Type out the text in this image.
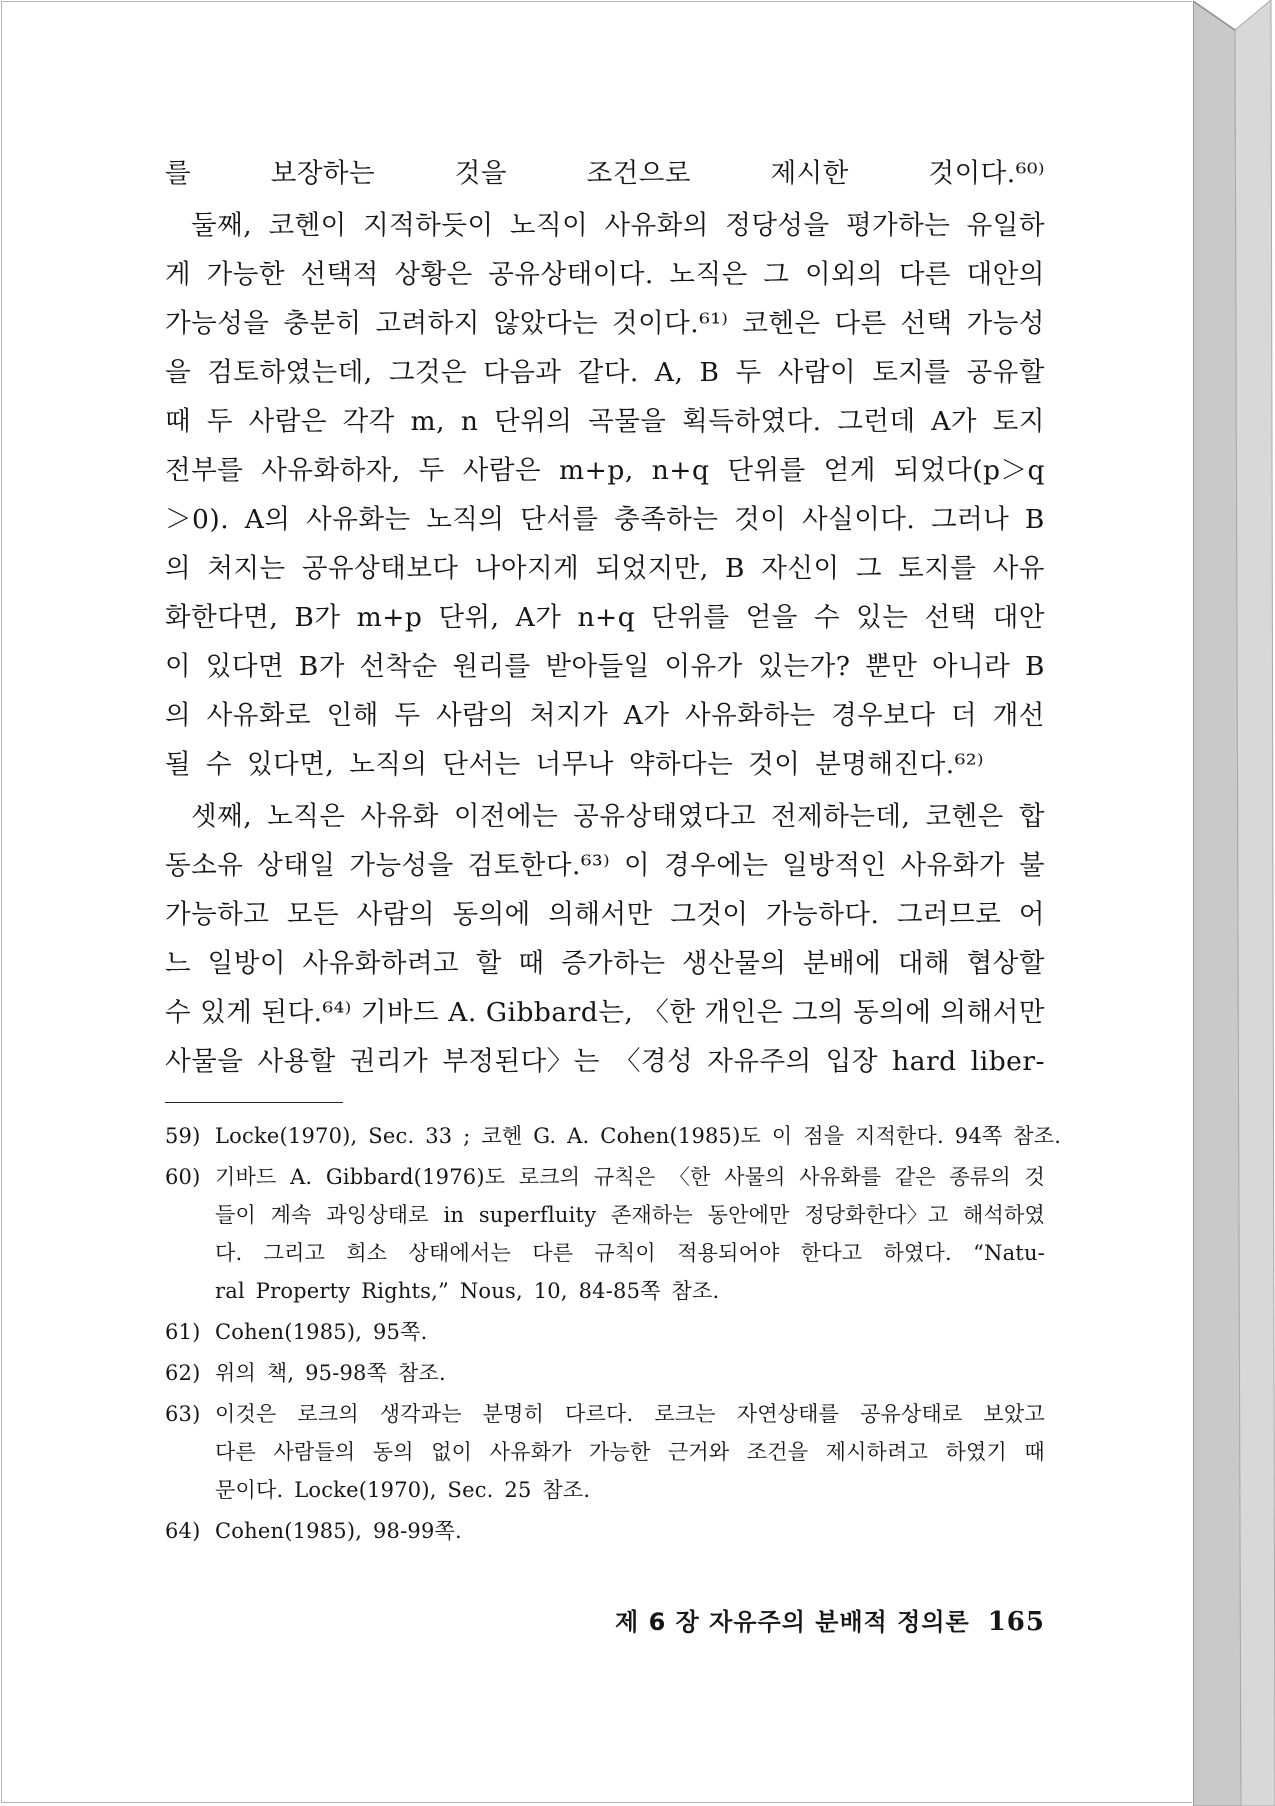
를	보장하는	것을	조건으로	제시한	것이다.⁶⁰⁾
둘째, 코헨이 지적하듯이 노직이 사유화의 정당성을 평가하는 유일하
게 가능한 선택적 상황은 공유상태이다. 노직은 그 이외의 다른 대안의
가능성을 충분히 고려하지 않았다는 것이다.⁶¹⁾ 코헨은 다른 선택 가능성
을 검토하였는데, 그것은 다음과 같다. A, B 두 사람이 토지를 공유할
때 두 사람은 각각 m, n 단위의 곡물을 획득하였다. 그런데 A가 토지
전부를 사유화하자, 두 사람은 m+p, n+q 단위를 얻게 되었다(p＞q
＞0). A의 사유화는 노직의 단서를 충족하는 것이 사실이다. 그러나 B
의 처지는 공유상태보다 나아지게 되었지만, B 자신이 그 토지를 사유
화한다면, B가 m+p 단위, A가 n+q 단위를 얻을 수 있는 선택 대안
이 있다면 B가 선착순 원리를 받아들일 이유가 있는가? 뿐만 아니라 B
의 사유화로 인해 두 사람의 처지가 A가 사유화하는 경우보다 더 개선
될 수 있다면, 노직의 단서는 너무나 약하다는 것이 분명해진다.⁶²⁾
셋째, 노직은 사유화 이전에는 공유상태였다고 전제하는데, 코헨은 합
동소유 상태일 가능성을 검토한다.⁶³⁾ 이 경우에는 일방적인 사유화가 불
가능하고 모든 사람의 동의에 의해서만 그것이 가능하다. 그러므로 어
느 일방이 사유화하려고 할 때 증가하는 생산물의 분배에 대해 협상할
수 있게 된다.⁶⁴⁾ 기바드 A. Gibbard는, 〈한 개인은 그의 동의에 의해서만
사물을 사용할 권리가 부정된다〉는 〈경성 자유주의 입장 hard liber-
59) Locke(1970), Sec. 33 ; 코헨 G. A. Cohen(1985)도 이 점을 지적한다. 94쪽 참조.
60) 기바드 A. Gibbard(1976)도 로크의 규칙은 〈한 사물의 사유화를 같은 종류의 것
들이 계속 과잉상태로 in superfluity 존재하는 동안에만 정당화한다〉고 해석하였
다. 그리고 희소 상태에서는 다른 규칙이 적용되어야 한다고 하였다. “Natu-
ral Property Rights,” Nous, 10, 84-85쪽 참조.
61) Cohen(1985), 95쪽.
62) 위의 책, 95-98쪽 참조.
63) 이것은 로크의 생각과는 분명히 다르다. 로크는 자연상태를 공유상태로 보았고
다른 사람들의 동의 없이 사유화가 가능한 근거와 조건을 제시하려고 하였기 때
문이다. Locke(1970), Sec. 25 참조.
64) Cohen(1985), 98-99쪽.
제 6 장 자유주의 분배적 정의론 165
